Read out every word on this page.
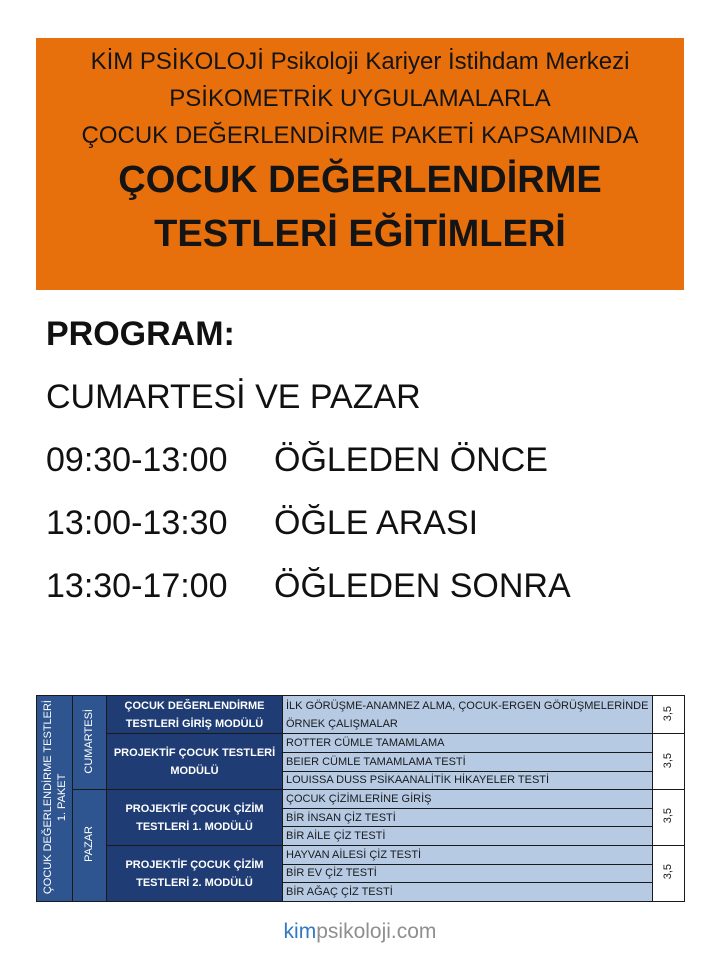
KİM PSİKOLOJİ Psikoloji Kariyer İstihdam Merkezi
PSİKOMETRİK UYGULAMALARLA
ÇOCUK DEĞERLENDİRME PAKETİ KAPSAMINDA
ÇOCUK DEĞERLENDİRME
TESTLERİ EĞİTİMLERİ
PROGRAM:
CUMARTESİ VE PAZAR
09:30-13:00 ÖĞLEDEN ÖNCE
13:00-13:30 ÖĞLE ARASI
13:30-17:00 ÖĞLEDEN SONRA
ÇOCUK DEĞERLENDİRME TESTLERİ 1. PAKET	CUMARTESİ	ÇOCUK DEĞERLENDİRME TESTLERİ GİRİŞ MODÜLÜ	İLK GÖRÜŞME-ANAMNEZ ALMA, ÇOCUK-ERGEN GÖRÜŞMELERİNDE ÖRNEK ÇALIŞMALAR	3,5
		PROJEKTİF ÇOCUK TESTLERİ MODÜLÜ	ROTTER CÜMLE TAMAMLAMA	3,5
			BEIER CÜMLE TAMAMLAMA TESTİ	
			LOUISSA DUSS PSİKAANALİTİK HİKAYELER TESTİ	
	PAZAR	PROJEKTİF ÇOCUK ÇİZİM TESTLERİ 1. MODÜLÜ	ÇOCUK ÇİZİMLERİNE GİRİŞ	3,5
			BİR İNSAN ÇİZ TESTİ	
			BİR AİLE ÇİZ TESTİ	
		PROJEKTİF ÇOCUK ÇİZİM TESTLERİ 2. MODÜLÜ	HAYVAN AİLESİ ÇİZ TESTİ	3,5
			BİR EV ÇİZ TESTİ	
			BİR AĞAÇ ÇİZ TESTİ	
kimpsikoloji.com
